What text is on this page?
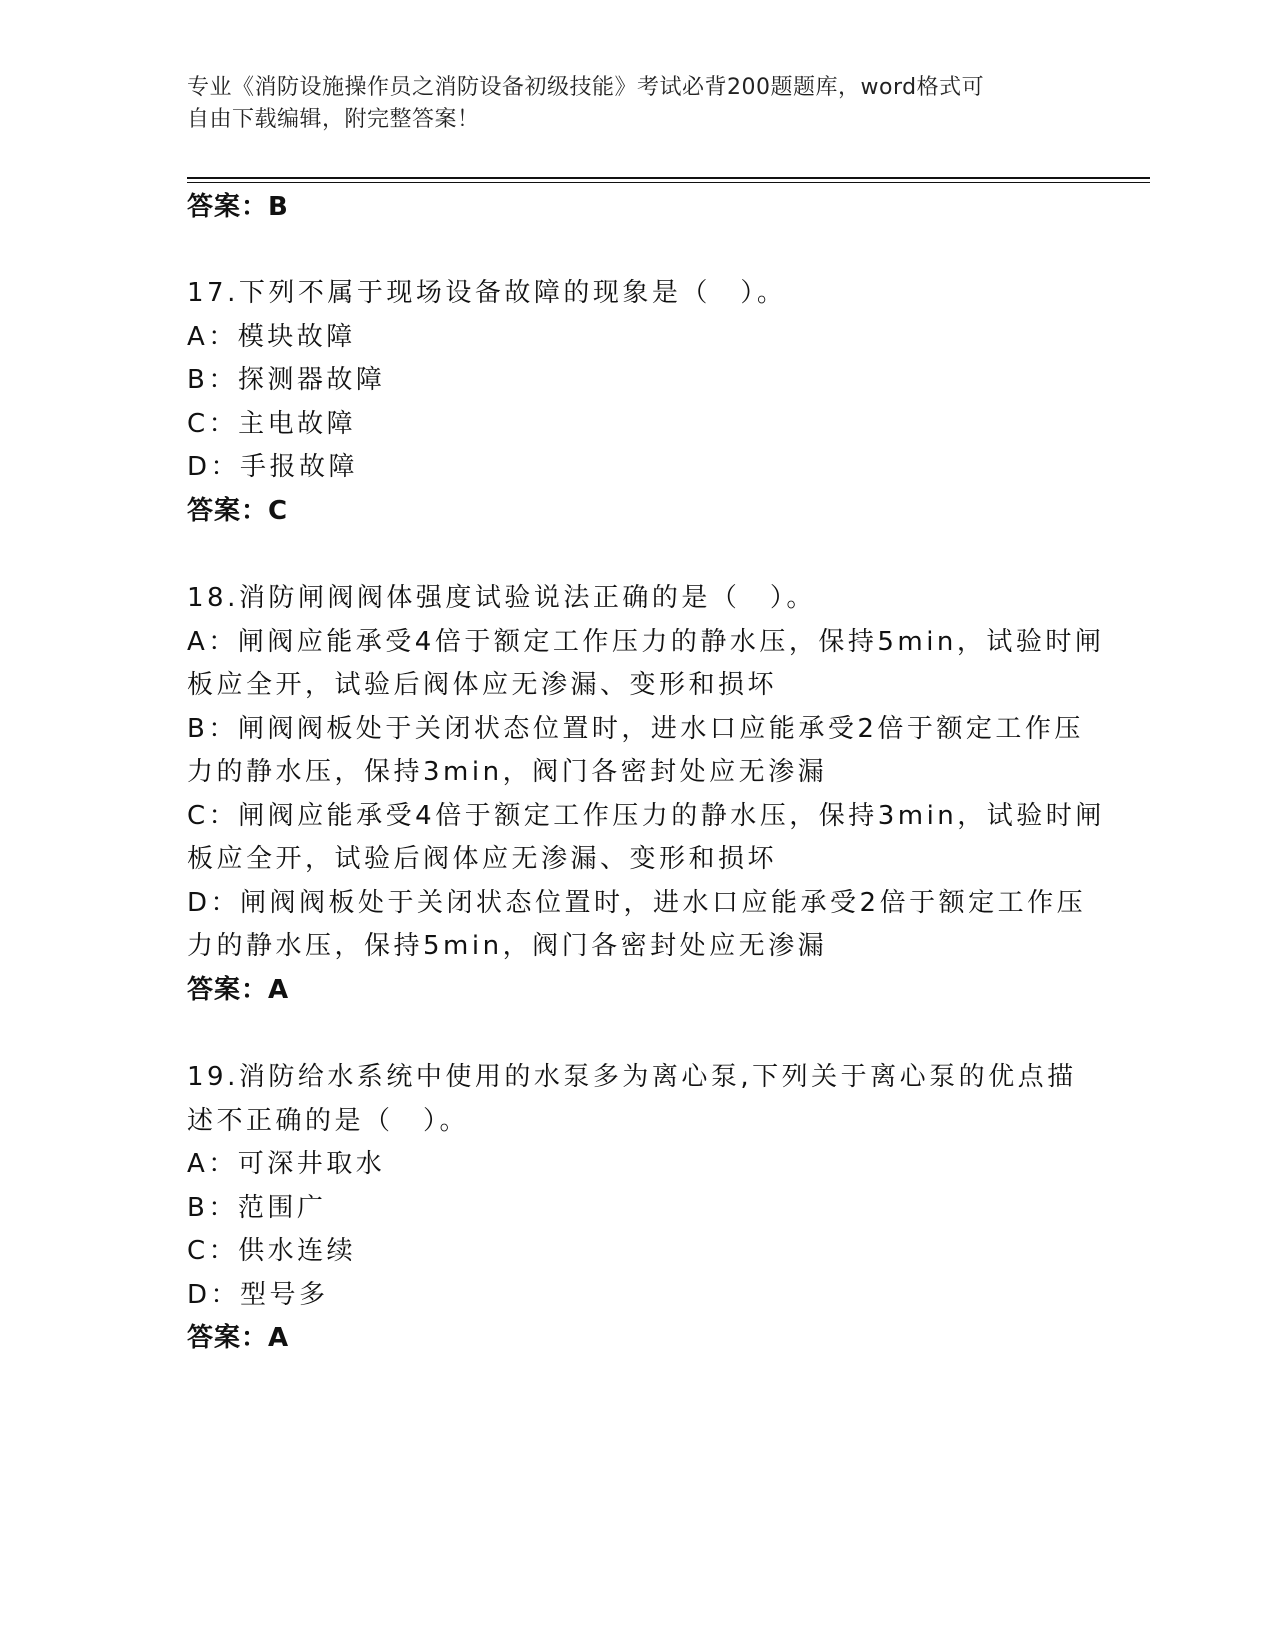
专业《消防设施操作员之消防设备初级技能》考试必背200题题库，word格式可
自由下载编辑，附完整答案！
答案：B
17.下列不属于现场设备故障的现象是（　）。
A：模块故障
B：探测器故障
C：主电故障
D：手报故障
答案：C
18.消防闸阀阀体强度试验说法正确的是（　）。
A：闸阀应能承受4倍于额定工作压力的静水压，保持5min，试验时闸
板应全开，试验后阀体应无渗漏、变形和损坏
B：闸阀阀板处于关闭状态位置时，进水口应能承受2倍于额定工作压
力的静水压，保持3min，阀门各密封处应无渗漏
C：闸阀应能承受4倍于额定工作压力的静水压，保持3min，试验时闸
板应全开，试验后阀体应无渗漏、变形和损坏
D：闸阀阀板处于关闭状态位置时，进水口应能承受2倍于额定工作压
力的静水压，保持5min，阀门各密封处应无渗漏
答案：A
19.消防给水系统中使用的水泵多为离心泵,下列关于离心泵的优点描
述不正确的是（　）。
A：可深井取水
B：范围广
C：供水连续
D：型号多
答案：A
